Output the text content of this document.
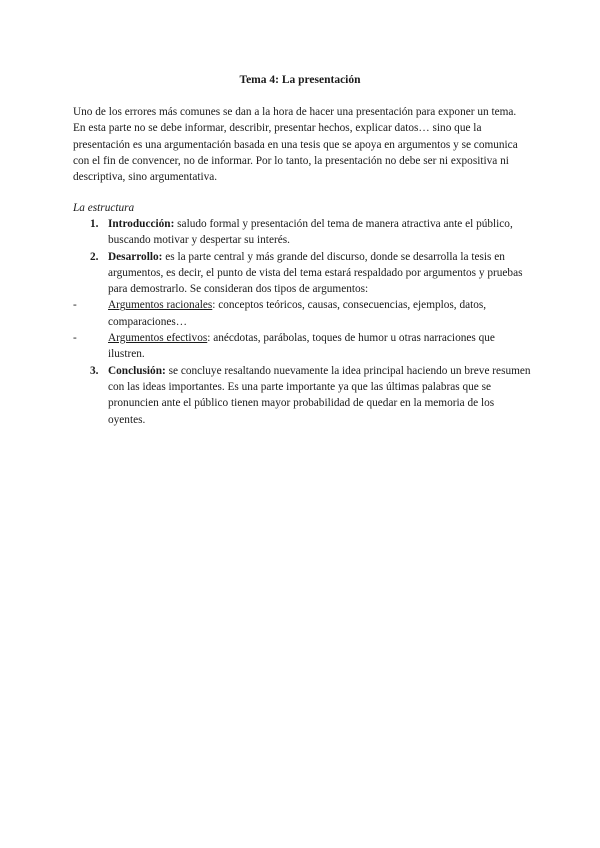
Tema 4: La presentación

Uno de los errores más comunes se dan a la hora de hacer una presentación para exponer un tema. En esta parte no se debe informar, describir, presentar hechos, explicar datos… sino que la presentación es una argumentación basada en una tesis que se apoya en argumentos y se comunica con el fin de convencer, no de informar. Por lo tanto, la presentación no debe ser ni expositiva ni descriptiva, sino argumentativa.

La estructura

1. Introducción: saludo formal y presentación del tema de manera atractiva ante el público, buscando motivar y despertar su interés.
2. Desarrollo: es la parte central y más grande del discurso, donde se desarrolla la tesis en argumentos, es decir, el punto de vista del tema estará respaldado por argumentos y pruebas para demostrarlo. Se consideran dos tipos de argumentos:
-	Argumentos racionales: conceptos teóricos, causas, consecuencias, ejemplos, datos, comparaciones…
-	Argumentos efectivos: anécdotas, parábolas, toques de humor u otras narraciones que ilustren.
3. Conclusión: se concluye resaltando nuevamente la idea principal haciendo un breve resumen con las ideas importantes. Es una parte importante ya que las últimas palabras que se pronuncien ante el público tienen mayor probabilidad de quedar en la memoria de los oyentes.
